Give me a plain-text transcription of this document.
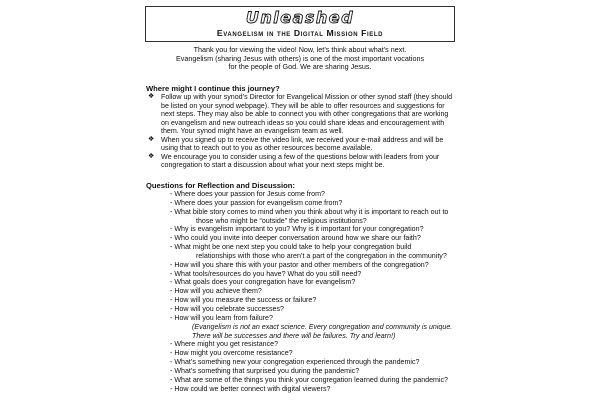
Unleashed
Evangelism in the Digital Mission Field
Thank you for viewing the video! Now, let’s think about what’s next.
Evangelism (sharing Jesus with others) is one of the most important vocations
for the people of God. We are sharing Jesus.
Where might I continue this journey?
❖ Follow up with your synod’s Director for Evangelical Mission or other synod staff (they should be listed on your synod webpage). They will be able to offer resources and suggestions for next steps. They may also be able to connect you with other congregations that are working on evangelism and new outreach ideas so you could share ideas and encouragement with them. Your synod might have an evangelism team as well.
❖ When you signed up to receive the video link, we received your e-mail address and will be using that to reach out to you as other resources become available.
❖ We encourage you to consider using a few of the questions below with leaders from your congregation to start a discussion about what your next steps might be.
Questions for Reflection and Discussion:
- Where does your passion for Jesus come from?
- Where does your passion for evangelism come from?
- What bible story comes to mind when you think about why it is important to reach out to
those who might be “outside” the religious institutions?
- Why is evangelism important to you? Why is it important for your congregation?
- Who could you invite into deeper conversation around how we share our faith?
- What might be one next step you could take to help your congregation build
relationships with those who aren’t a part of the congregation in the community?
- How will you share this with your pastor and other members of the congregation?
- What tools/resources do you have? What do you still need?
- What goals does your congregation have for evangelism?
- How will you achieve them?
- How will you measure the success or failure?
- How will you celebrate successes?
- How will you learn from failure?
(Evangelism is not an exact science. Every congregation and community is unique. There will be successes and there will be failures. Try and learn!)
- Where might you get resistance?
- How might you overcome resistance?
- What’s something new your congregation experienced through the pandemic?
- What’s something that surprised you during the pandemic?
- What are some of the things you think your congregation learned during the pandemic?
- How could we better connect with digital viewers?
